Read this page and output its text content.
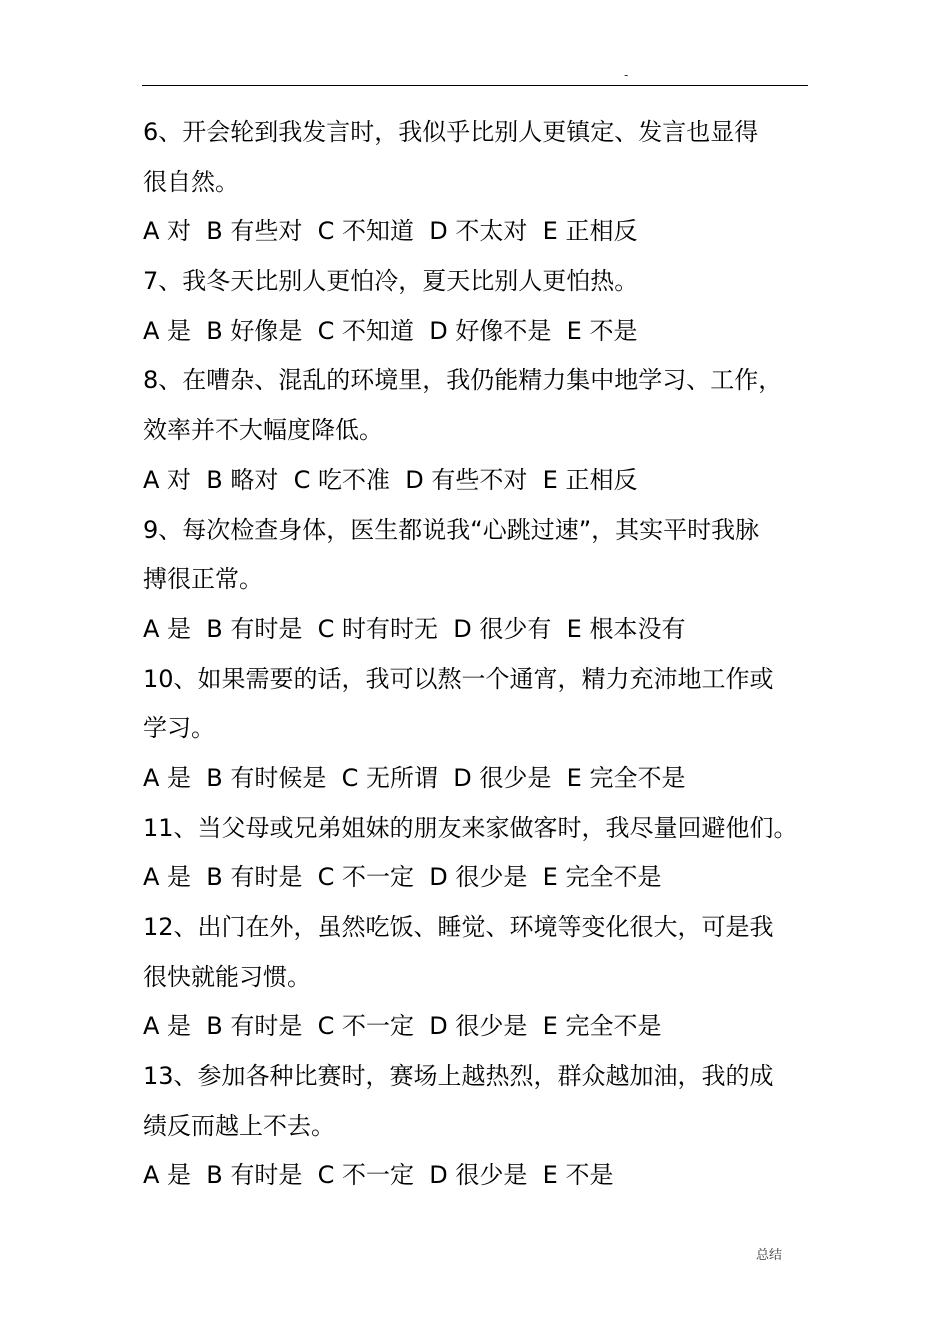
-
6、开会轮到我发言时，我似乎比别人更镇定、发言也显得
很自然。
A 对  B 有些对  C 不知道  D 不太对  E 正相反
7、我冬天比别人更怕冷，夏天比别人更怕热。
A 是  B 好像是  C 不知道  D 好像不是  E 不是
8、在嘈杂、混乱的环境里，我仍能精力集中地学习、工作，
效率并不大幅度降低。
A 对  B 略对  C 吃不准  D 有些不对  E 正相反
9、每次检查身体，医生都说我“心跳过速”，其实平时我脉
搏很正常。
A 是  B 有时是  C 时有时无  D 很少有  E 根本没有
10、如果需要的话，我可以熬一个通宵，精力充沛地工作或
学习。
A 是  B 有时候是  C 无所谓  D 很少是  E 完全不是
11、当父母或兄弟姐妹的朋友来家做客时，我尽量回避他们。
A 是  B 有时是  C 不一定  D 很少是  E 完全不是
12、出门在外，虽然吃饭、睡觉、环境等变化很大，可是我
很快就能习惯。
A 是  B 有时是  C 不一定  D 很少是  E 完全不是
13、参加各种比赛时，赛场上越热烈，群众越加油，我的成
绩反而越上不去。
A 是  B 有时是  C 不一定  D 很少是  E 不是
总结
